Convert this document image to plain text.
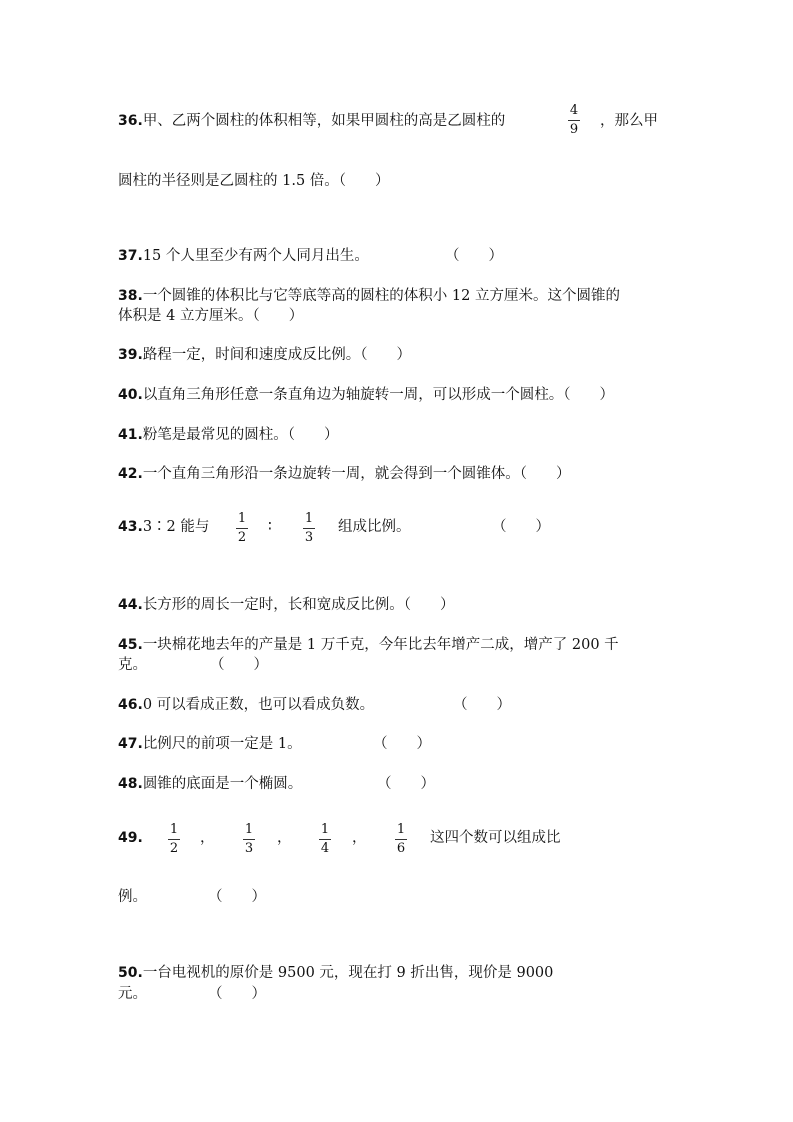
36.甲、乙两个圆柱的体积相等，如果甲圆柱的高是乙圆柱的
4
9
，那么甲
圆柱的半径则是乙圆柱的 1.5 倍。（　　）
37.15 个人里至少有两个人同月出生。	（　　）
38.一个圆锥的体积比与它等底等高的圆柱的体积小 12 立方厘米。这个圆锥的
体积是 4 立方厘米。（　　）
39.路程一定，时间和速度成反比例。（　　）
40.以直角三角形任意一条直角边为轴旋转一周，可以形成一个圆柱。（　　）
41.粉笔是最常见的圆柱。（　　）
42.一个直角三角形沿一条边旋转一周，就会得到一个圆锥体。（　　）
43.3∶2 能与
1
2
∶
1
3
组成比例。	（　　）
44.长方形的周长一定时，长和宽成反比例。（　　）
45.一块棉花地去年的产量是 1 万千克，今年比去年增产二成，增产了 200 千
克。	（　　）
46.0 可以看成正数，也可以看成负数。	（　　）
47.比例尺的前项一定是 1。	（　　）
48.圆锥的底面是一个椭圆。	（　　）
49.
1
2
，
1
3
，
1
4
，
1
6
这四个数可以组成比
例。	（　　）
50.一台电视机的原价是 9500 元，现在打 9 折出售，现价是 9000
元。	（　　）
